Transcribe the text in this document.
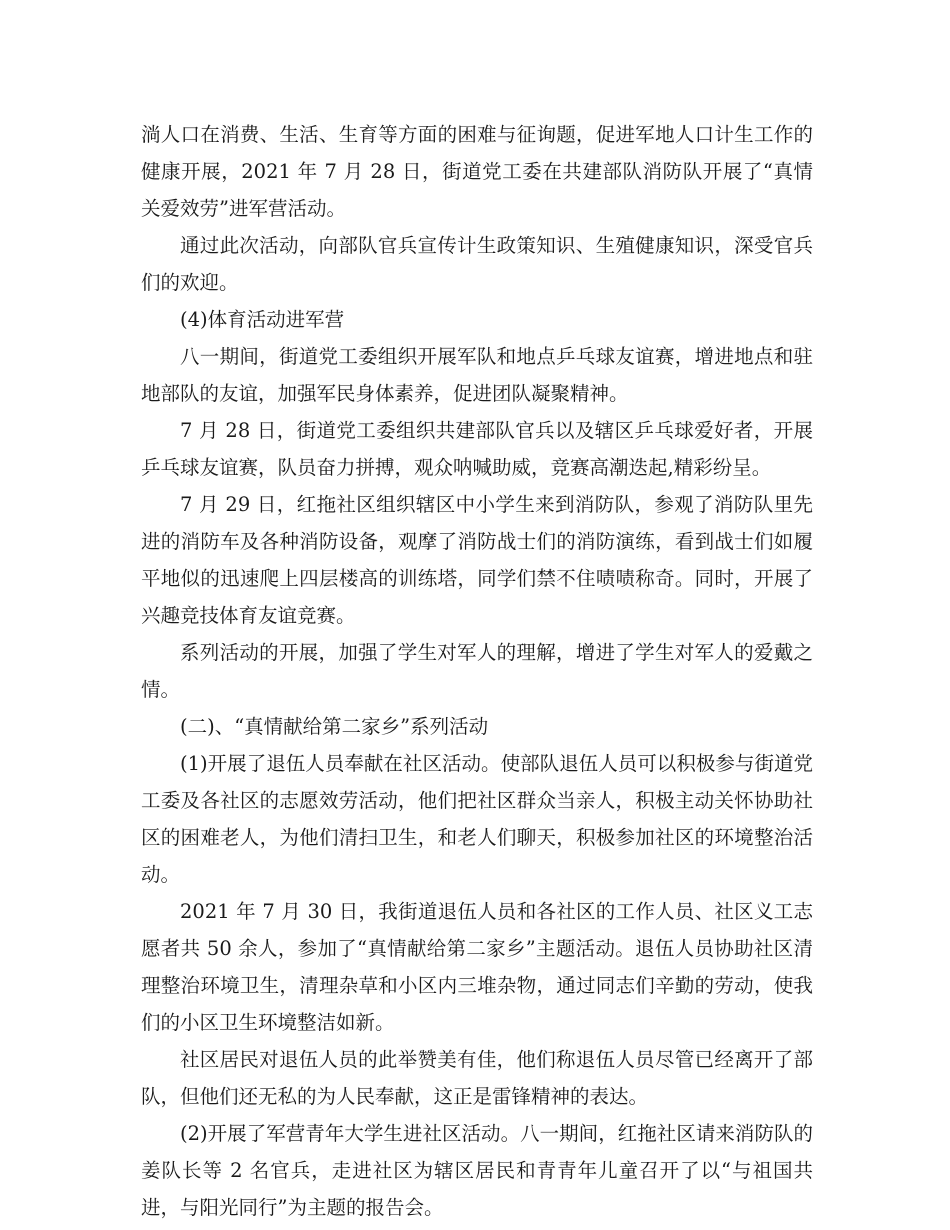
淌人口在消费、生活、生育等方面的困难与征询题，促进军地人口计生工作的健康开展，2021 年 7 月 28 日，街道党工委在共建部队消防队开展了“真情关爱效劳”进军营活动。

通过此次活动，向部队官兵宣传计生政策知识、生殖健康知识，深受官兵们的欢迎。

(4)体育活动进军营

八一期间，街道党工委组织开展军队和地点乒乓球友谊赛，增进地点和驻地部队的友谊，加强军民身体素养，促进团队凝聚精神。

7 月 28 日，街道党工委组织共建部队官兵以及辖区乒乓球爱好者，开展乒乓球友谊赛，队员奋力拼搏，观众呐喊助威，竞赛高潮迭起,精彩纷呈。

7 月 29 日，红拖社区组织辖区中小学生来到消防队，参观了消防队里先进的消防车及各种消防设备，观摩了消防战士们的消防演练，看到战士们如履平地似的迅速爬上四层楼高的训练塔，同学们禁不住啧啧称奇。同时，开展了兴趣竞技体育友谊竞赛。

系列活动的开展，加强了学生对军人的理解，增进了学生对军人的爱戴之情。

(二)、“真情献给第二家乡”系列活动

(1)开展了退伍人员奉献在社区活动。使部队退伍人员可以积极参与街道党工委及各社区的志愿效劳活动，他们把社区群众当亲人，积极主动关怀协助社区的困难老人，为他们清扫卫生，和老人们聊天，积极参加社区的环境整治活动。

2021 年 7 月 30 日，我街道退伍人员和各社区的工作人员、社区义工志愿者共 50 余人，参加了“真情献给第二家乡”主题活动。退伍人员协助社区清理整治环境卫生，清理杂草和小区内三堆杂物，通过同志们辛勤的劳动，使我们的小区卫生环境整洁如新。

社区居民对退伍人员的此举赞美有佳，他们称退伍人员尽管已经离开了部队，但他们还无私的为人民奉献，这正是雷锋精神的表达。

(2)开展了军营青年大学生进社区活动。八一期间，红拖社区请来消防队的姜队长等 2 名官兵，走进社区为辖区居民和青青年儿童召开了以“与祖国共进，与阳光同行”为主题的报告会。
